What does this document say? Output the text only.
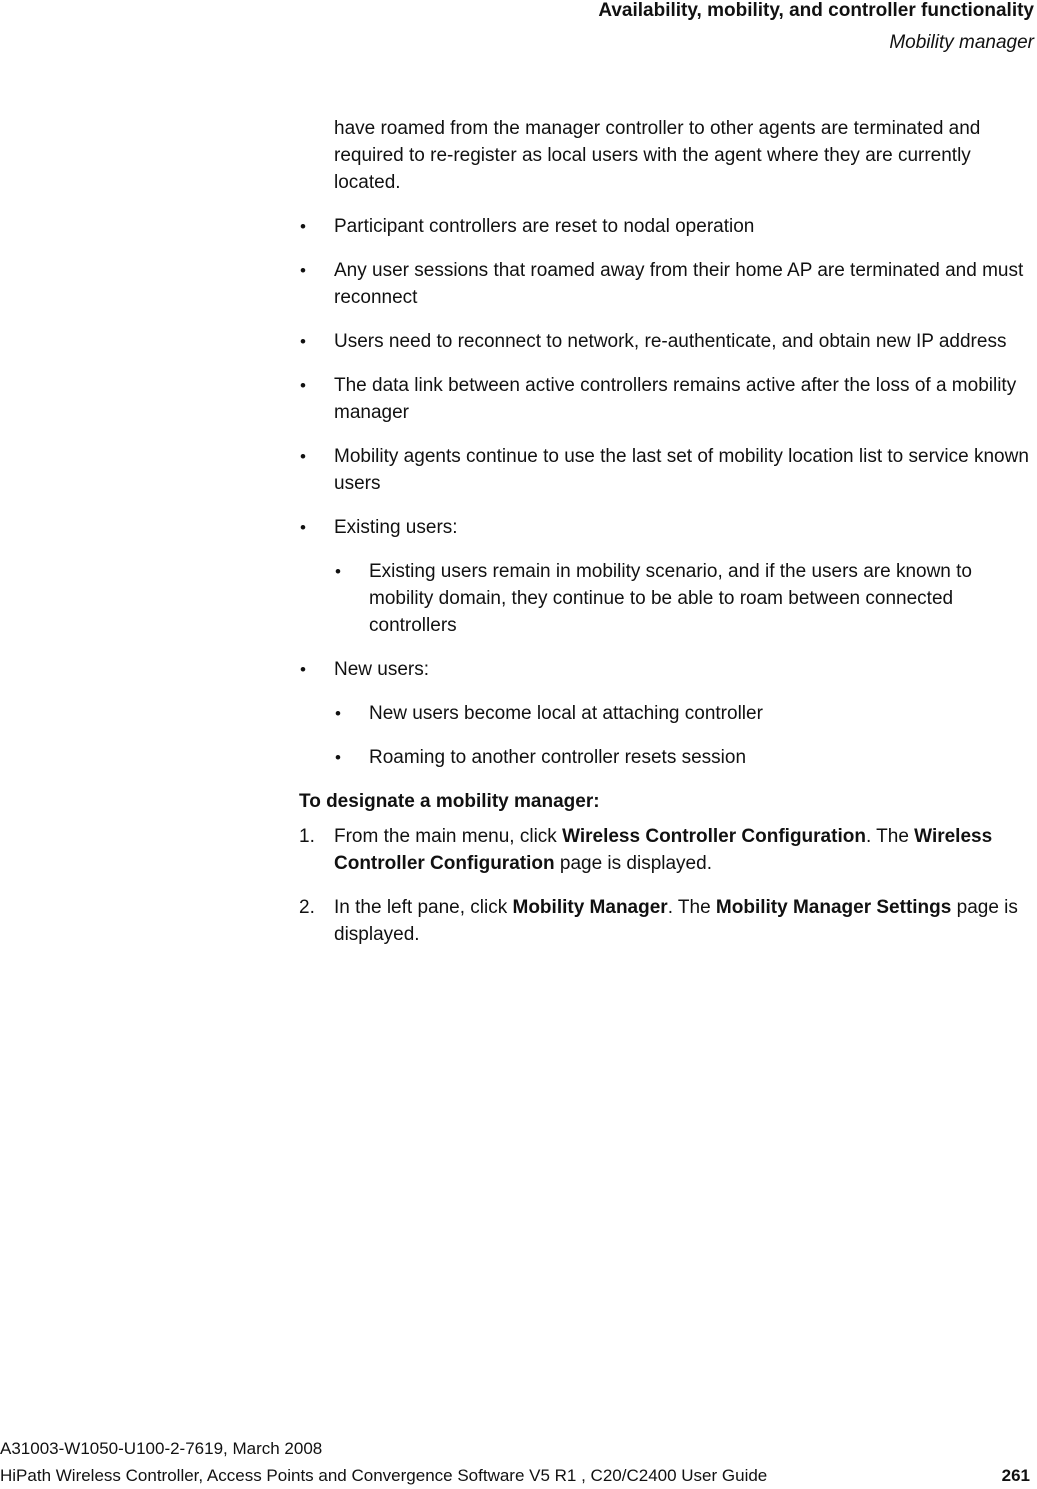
Availability, mobility, and controller functionality
Mobility manager

have roamed from the manager controller to other agents are terminated and required to re-register as local users with the agent where they are currently located.

• Participant controllers are reset to nodal operation
• Any user sessions that roamed away from their home AP are terminated and must reconnect
• Users need to reconnect to network, re-authenticate, and obtain new IP address
• The data link between active controllers remains active after the loss of a mobility manager
• Mobility agents continue to use the last set of mobility location list to service known users
• Existing users:
• Existing users remain in mobility scenario, and if the users are known to mobility domain, they continue to be able to roam between connected controllers
• New users:
• New users become local at attaching controller
• Roaming to another controller resets session

To designate a mobility manager:

1. From the main menu, click Wireless Controller Configuration. The Wireless Controller Configuration page is displayed.
2. In the left pane, click Mobility Manager. The Mobility Manager Settings page is displayed.
A31003-W1050-U100-2-7619, March 2008
HiPath Wireless Controller, Access Points and Convergence Software V5 R1 , C20/C2400 User Guide	261
